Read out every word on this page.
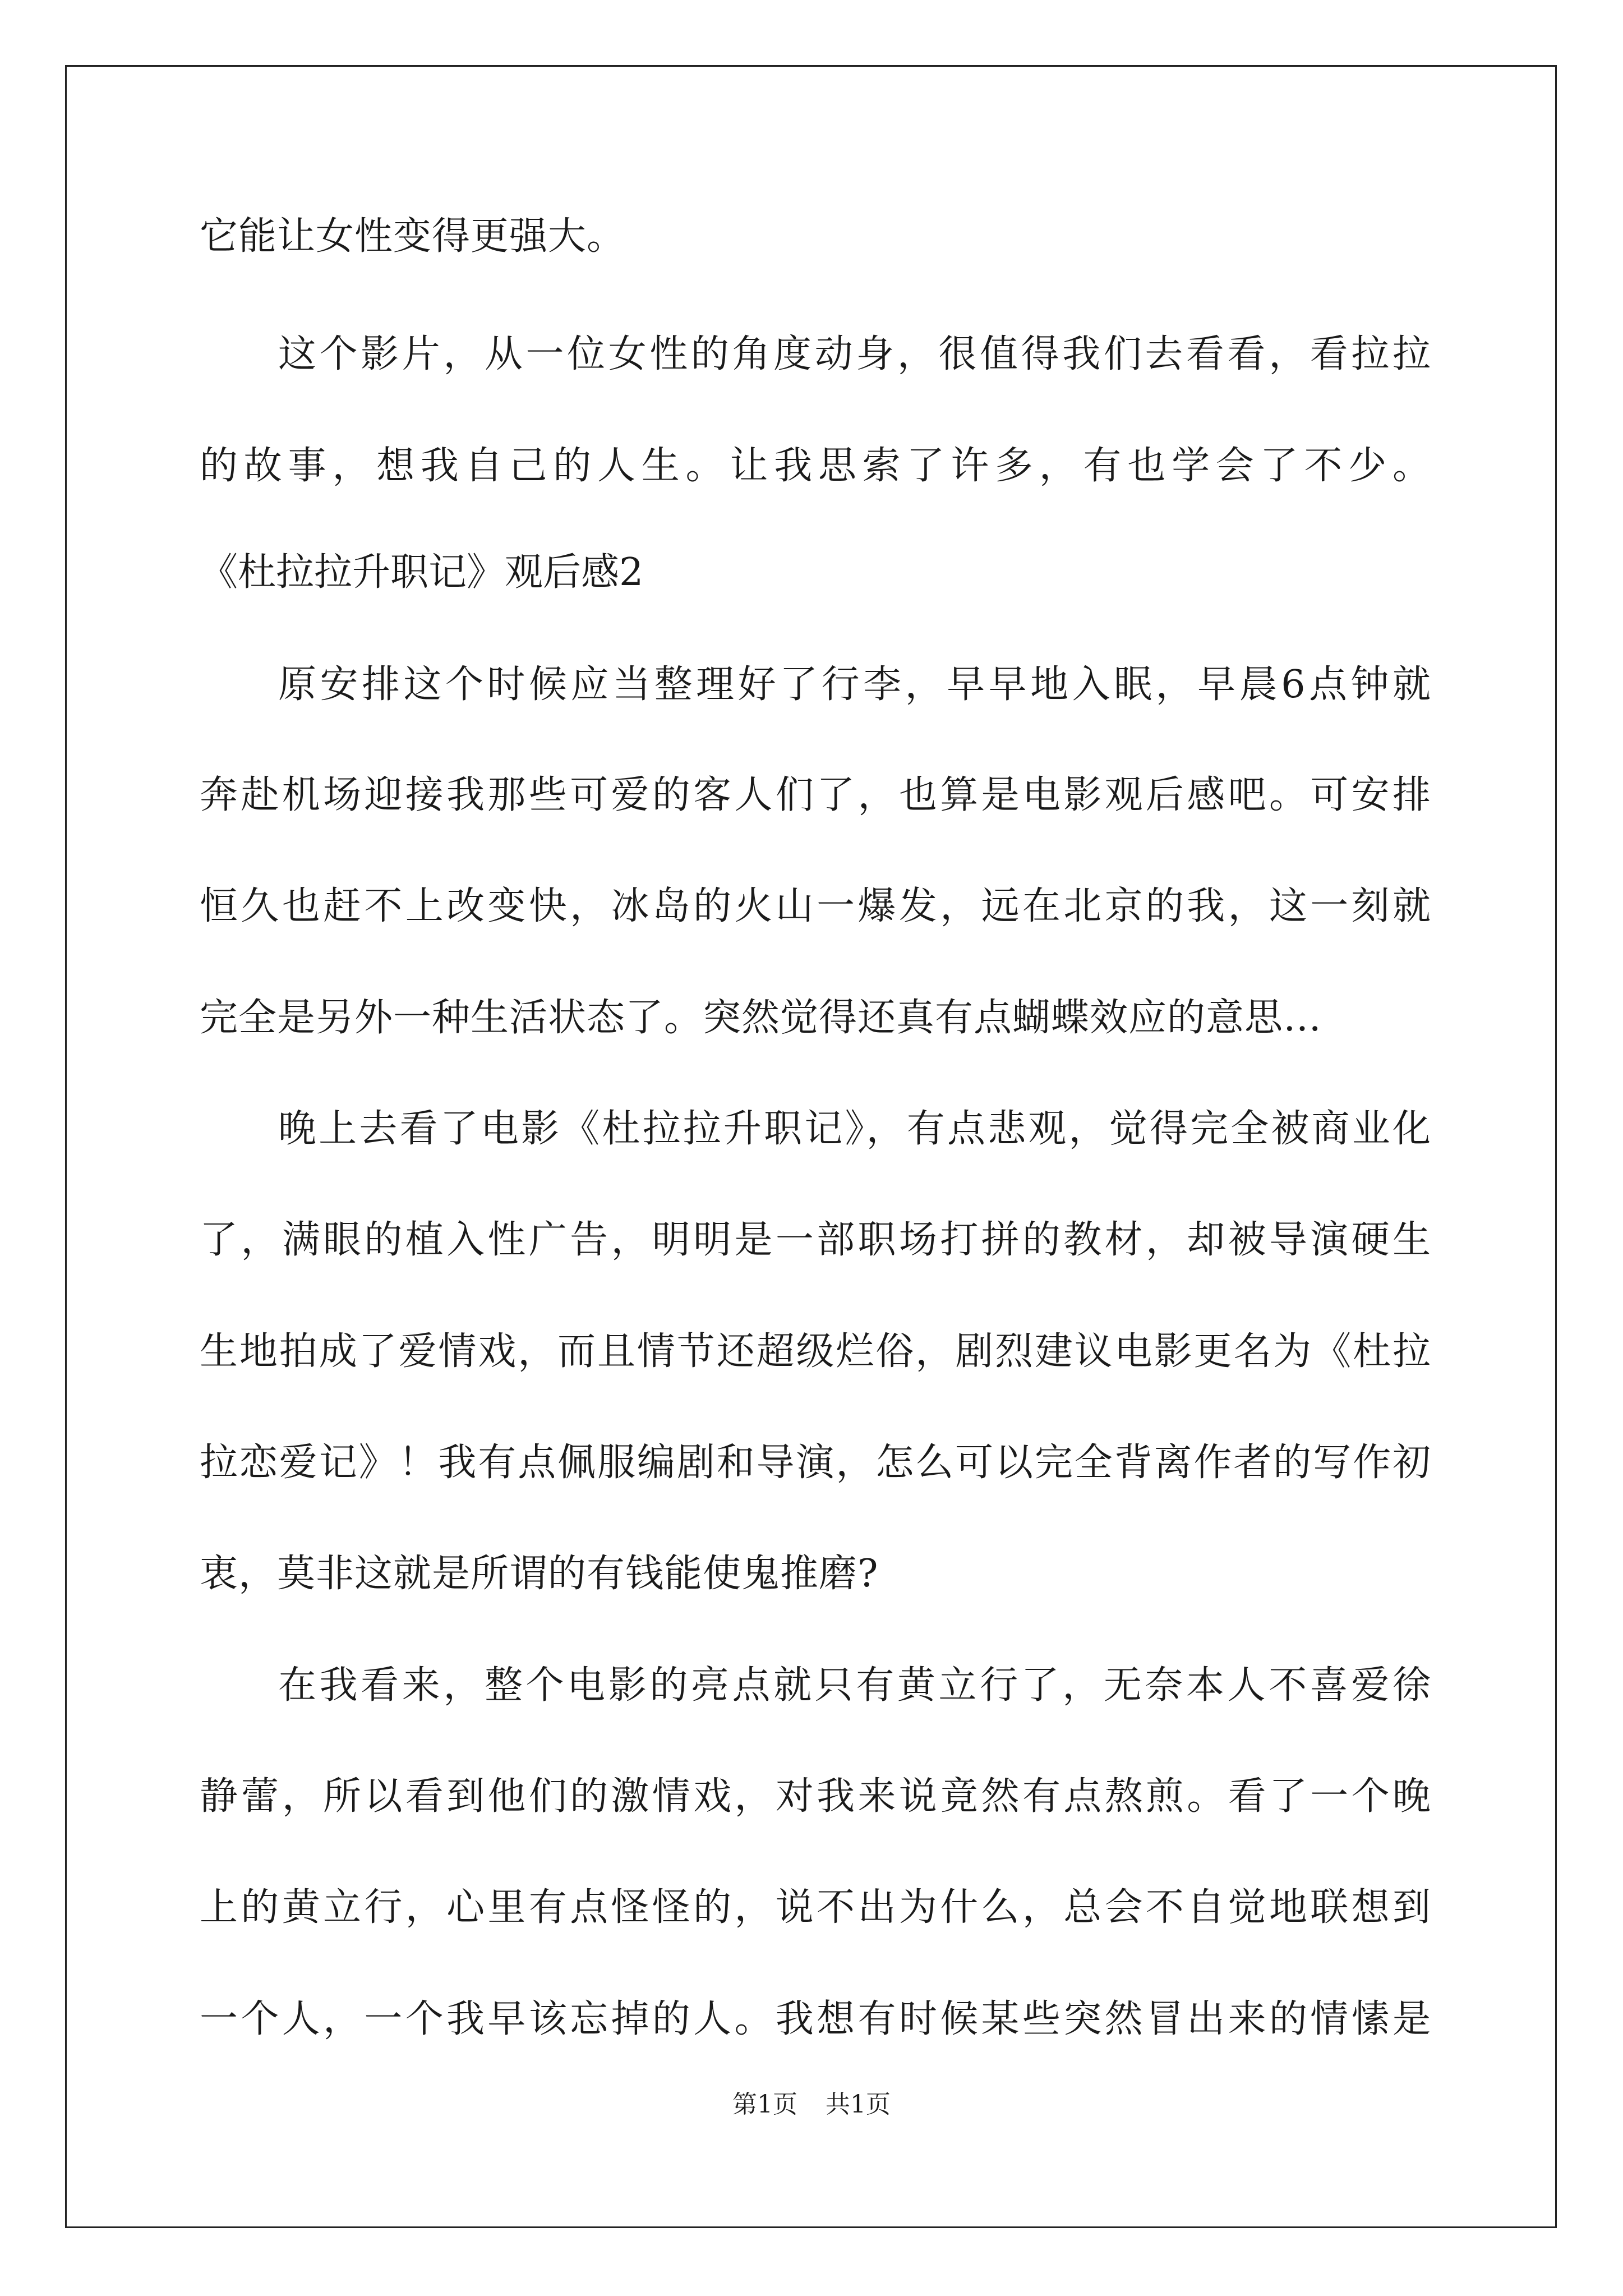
它能让女性变得更强大。
这个影片，从一位女性的角度动身，很值得我们去看看，看拉拉
的故事，想我自己的人生。让我思索了许多，有也学会了不少。
《杜拉拉升职记》观后感2
原安排这个时候应当整理好了行李，早早地入眠，早晨6点钟就
奔赴机场迎接我那些可爱的客人们了，也算是电影观后感吧。可安排
恒久也赶不上改变快，冰岛的火山一爆发，远在北京的我，这一刻就
完全是另外一种生活状态了。突然觉得还真有点蝴蝶效应的意思…
晚上去看了电影《杜拉拉升职记》，有点悲观，觉得完全被商业化
了，满眼的植入性广告，明明是一部职场打拼的教材，却被导演硬生
生地拍成了爱情戏，而且情节还超级烂俗，剧烈建议电影更名为《杜拉
拉恋爱记》！我有点佩服编剧和导演，怎么可以完全背离作者的写作初
衷，莫非这就是所谓的有钱能使鬼推磨?
在我看来，整个电影的亮点就只有黄立行了，无奈本人不喜爱徐
静蕾，所以看到他们的激情戏，对我来说竟然有点熬煎。看了一个晚
上的黄立行，心里有点怪怪的，说不出为什么，总会不自觉地联想到
一个人，一个我早该忘掉的人。我想有时候某些突然冒出来的情愫是
第1页 共1页
